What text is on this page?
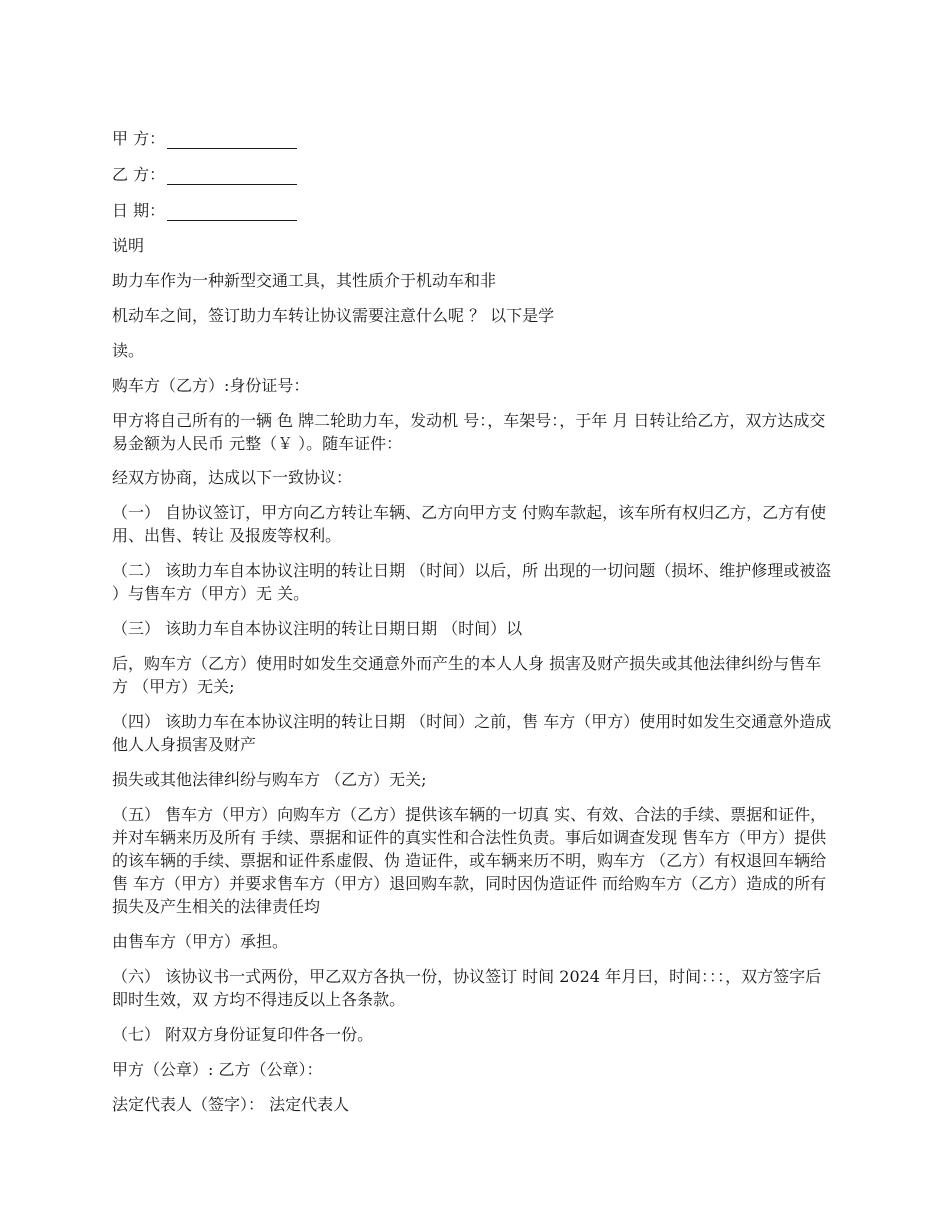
甲 方：
乙 方：
日 期：

说明

助力车作为一种新型交通工具，其性质介于机动车和非

机动车之间，签订助力车转让协议需要注意什么呢 ？ 以下是学

读。

购车方（乙方）:身份证号：

甲方将自己所有的一辆 色 牌二轮助力车，发动机 号：，车架号：，于年 月 日转让给乙方，双方达成交 易金额为人民币 元整（￥ ）。随车证件：

经双方协商，达成以下一致协议：

（一） 自协议签订，甲方向乙方转让车辆、乙方向甲方支 付购车款起，该车所有权归乙方，乙方有使用、出售、转让 及报废等权利。

（二） 该助力车自本协议注明的转让日期 （时间）以后，所 出现的一切问题（损坏、维护修理或被盗 ）与售车方（甲方）无 关。

（三） 该助力车自本协议注明的转让日期日期 （时间）以

后，购车方（乙方）使用时如发生交通意外而产生的本人人身 损害及财产损失或其他法律纠纷与售车方 （甲方）无关;

（四） 该助力车在本协议注明的转让日期 （时间）之前，售 车方（甲方）使用时如发生交通意外造成他人人身损害及财产

损失或其他法律纠纷与购车方 （乙方）无关;

（五） 售车方（甲方）向购车方（乙方）提供该车辆的一切真 实、有效、合法的手续、票据和证件，并对车辆来历及所有 手续、票据和证件的真实性和合法性负责。事后如调查发现 售车方（甲方）提供的该车辆的手续、票据和证件系虚假、伪 造证件，或车辆来历不明，购车方 （乙方）有权退回车辆给售 车方（甲方）并要求售车方（甲方）退回购车款，同时因伪造证件 而给购车方（乙方）造成的所有损失及产生相关的法律责任均

由售车方（甲方）承担。

（六） 该协议书一式两份，甲乙双方各执一份，协议签订 时间 2024 年月曰，时间：：：，双方签字后即时生效，双 方均不得违反以上各条款。

（七） 附双方身份证复印件各一份。

甲方（公章）: 乙方（公章）：

法定代表人（签字）： 法定代表人
